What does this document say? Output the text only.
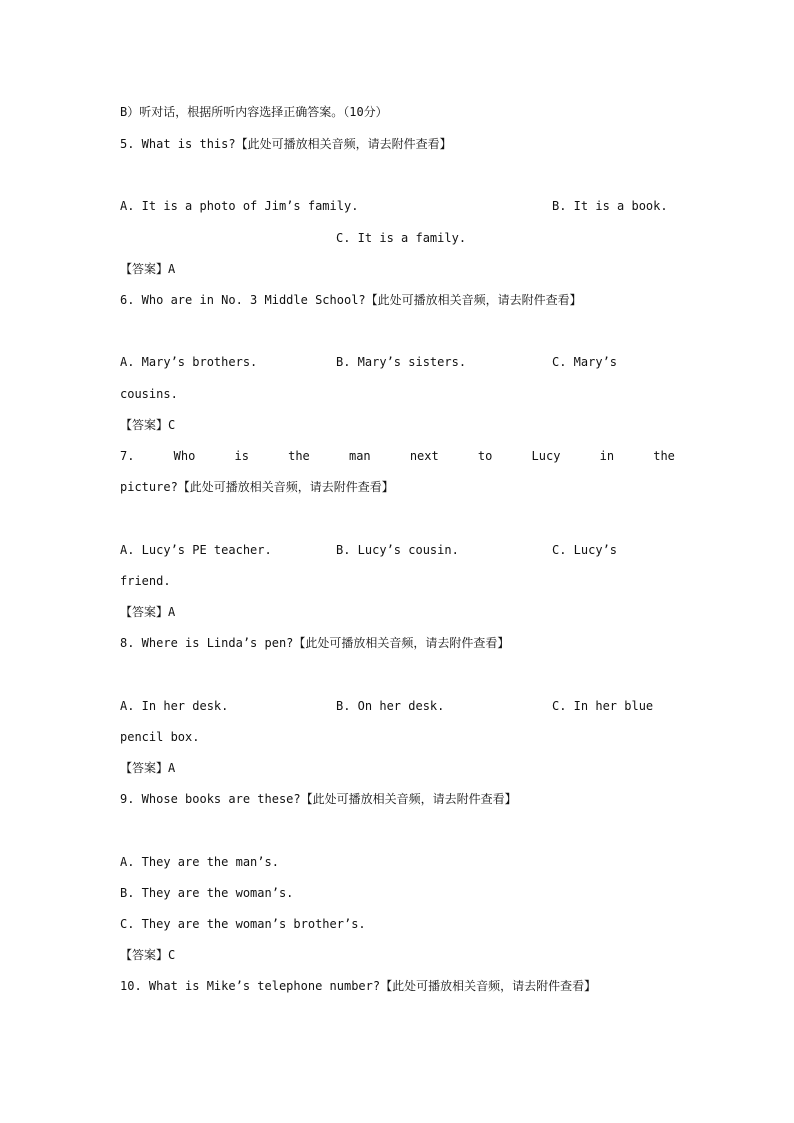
B）听对话，根据所听内容选择正确答案。（10分）
5. What is this?【此处可播放相关音频，请去附件查看】
A. It is a photo of Jim’s family.	B. It is a book.
C. It is a family.
【答案】A
6. Who are in No. 3 Middle School?【此处可播放相关音频，请去附件查看】
A. Mary’s brothers.	B. Mary’s sisters.	C. Mary’s
cousins.
【答案】C
7.	Who	is	the	man	next	to	Lucy	in	the
picture?【此处可播放相关音频，请去附件查看】
A. Lucy’s PE teacher.	B. Lucy’s cousin.	C. Lucy’s
friend.
【答案】A
8. Where is Linda’s pen?【此处可播放相关音频，请去附件查看】
A. In her desk.	B. On her desk.	C. In her blue
pencil box.
【答案】A
9. Whose books are these?【此处可播放相关音频，请去附件查看】
A. They are the man’s.
B. They are the woman’s.
C. They are the woman’s brother’s.
【答案】C
10. What is Mike’s telephone number?【此处可播放相关音频，请去附件查看】
